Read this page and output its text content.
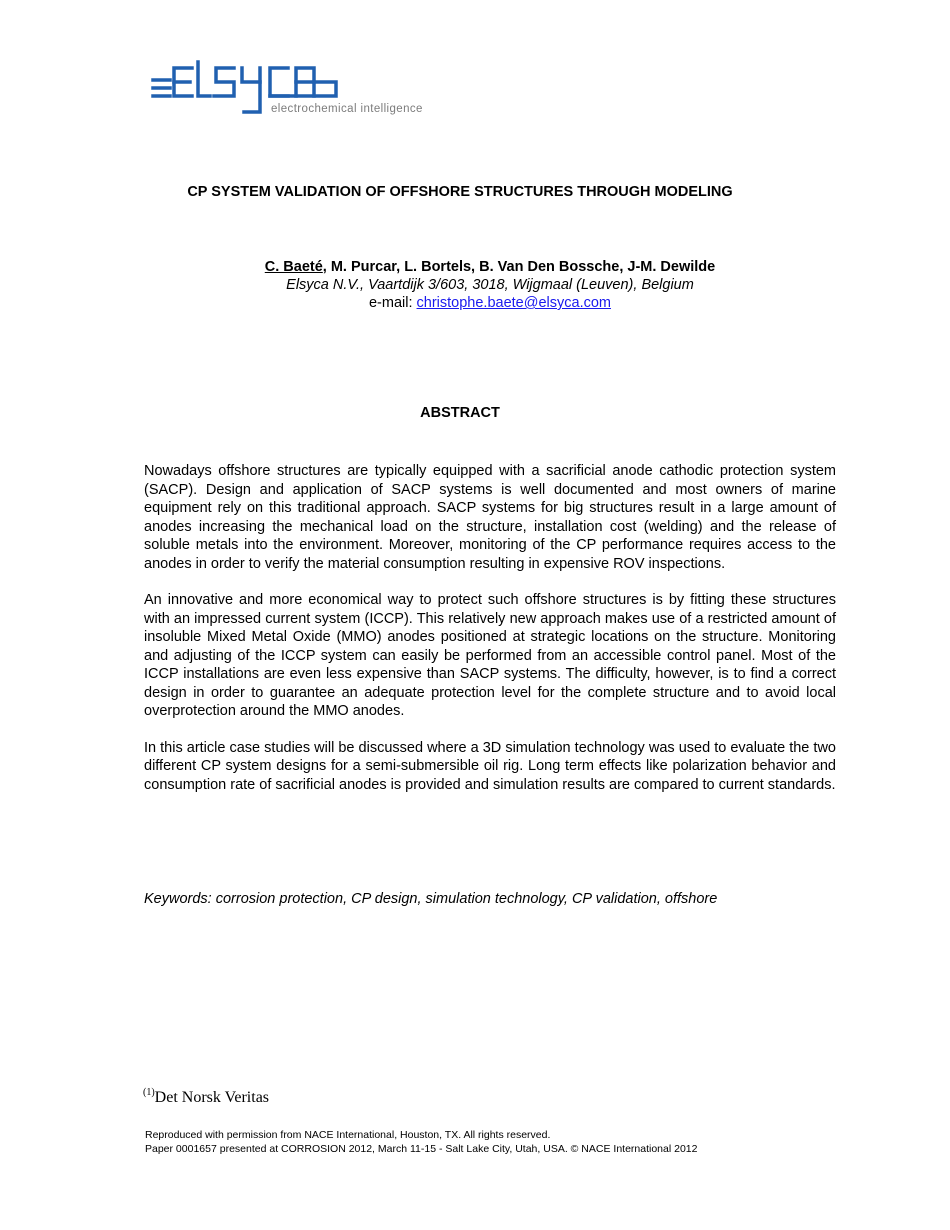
electrochemical intelligence
CP SYSTEM VALIDATION OF OFFSHORE STRUCTURES THROUGH MODELING
C. Baeté, M. Purcar, L. Bortels, B. Van Den Bossche, J-M. Dewilde
Elsyca N.V., Vaartdijk 3/603, 3018, Wijgmaal (Leuven), Belgium
e-mail: christophe.baete@elsyca.com
ABSTRACT

Nowadays offshore structures are typically equipped with a sacrificial anode cathodic protection system (SACP). Design and application of SACP systems is well documented and most owners of marine equipment rely on this traditional approach. SACP systems for big structures result in a large amount of anodes increasing the mechanical load on the structure, installation cost (welding) and the release of soluble metals into the environment. Moreover, monitoring of the CP performance requires access to the anodes in order to verify the material consumption resulting in expensive ROV inspections.

An innovative and more economical way to protect such offshore structures is by fitting these structures with an impressed current system (ICCP). This relatively new approach makes use of a restricted amount of insoluble Mixed Metal Oxide (MMO) anodes positioned at strategic locations on the structure. Monitoring and adjusting of the ICCP system can easily be performed from an accessible control panel. Most of the ICCP installations are even less expensive than SACP systems. The difficulty, however, is to find a correct design in order to guarantee an adequate protection level for the complete structure and to avoid local overprotection around the MMO anodes.

In this article case studies will be discussed where a 3D simulation technology was used to evaluate the two different CP system designs for a semi-submersible oil rig. Long term effects like polarization behavior and consumption rate of sacrificial anodes is provided and simulation results are compared to current standards.

Keywords: corrosion protection, CP design, simulation technology, CP validation, offshore
$^{(1)}$Det Norsk Veritas
Reproduced with permission from NACE International, Houston, TX. All rights reserved.
Paper 0001657 presented at CORROSION 2012, March 11-15 - Salt Lake City, Utah, USA. © NACE International 2012
